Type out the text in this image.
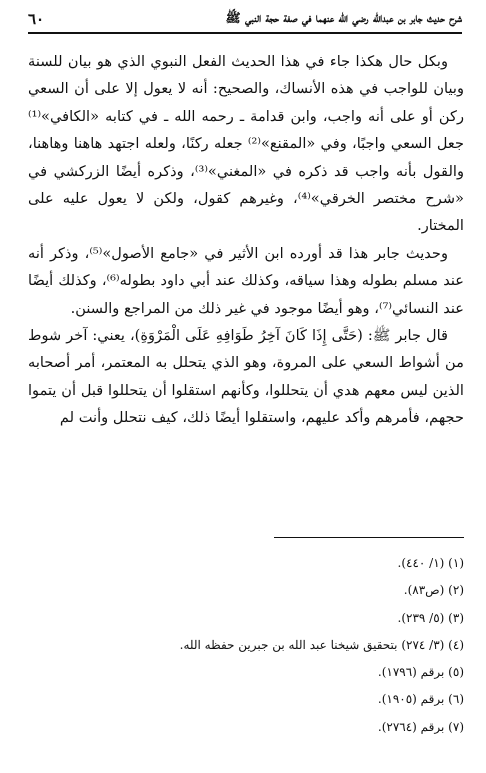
شرح حديث جابر بن عبدالله رضي الله عنهما في صفة حجة النبي ﷺ
٦٠

وبكل حال هكذا جاء في هذا الحديث الفعل النبوي الذي هو بيان للسنة وبيان للواجب في هذه الأنساك، والصحيح: أنه لا يعول إلا على أن السعي ركن أو على أنه واجب، وابن قدامة ـ رحمه الله ـ في كتابه «الكافي»⁽¹⁾ جعل السعي واجبًا، وفي «المقنع»⁽²⁾ جعله ركنًا، ولعله اجتهد هاهنا وهاهنا، والقول بأنه واجب قد ذكره في «المغني»⁽³⁾، وذكره أيضًا الزركشي في «شرح مختصر الخرقي»⁽⁴⁾، وغيرهم كقول، ولكن لا يعول عليه على المختار.

وحديث جابر هذا قد أورده ابن الأثير في «جامع الأصول»⁽⁵⁾، وذكر أنه عند مسلم بطوله وهذا سياقه، وكذلك عند أبي داود بطوله⁽⁶⁾، وكذلك أيضًا عند النسائي⁽⁷⁾، وهو أيضًا موجود في غير ذلك من المراجع والسنن.

قال جابر ﷺ: (حَتَّى إِذَا كَانَ آخِرُ طَوَافِهِ عَلَى الْمَرْوَةِ)، يعني: آخر شوط من أشواط السعي على المروة، وهو الذي يتحلل به المعتمر، أمر أصحابه الذين ليس معهم هدي أن يتحللوا، وكأنهم استقلوا أن يتحللوا قبل أن يتموا حجهم، فأمرهم وأكد عليهم، واستقلوا أيضًا ذلك، كيف نتحلل وأنت لم

(١) (١/ ٤٤٠).
(٢) (ص٨٣).
(٣) (٥/ ٢٣٩).
(٤) (٣/ ٢٧٤) بتحقيق شيخنا عبد الله بن جبرين حفظه الله.
(٥) برقم (١٧٩٦).
(٦) برقم (١٩٠٥).
(٧) برقم (٢٧٦٤).
